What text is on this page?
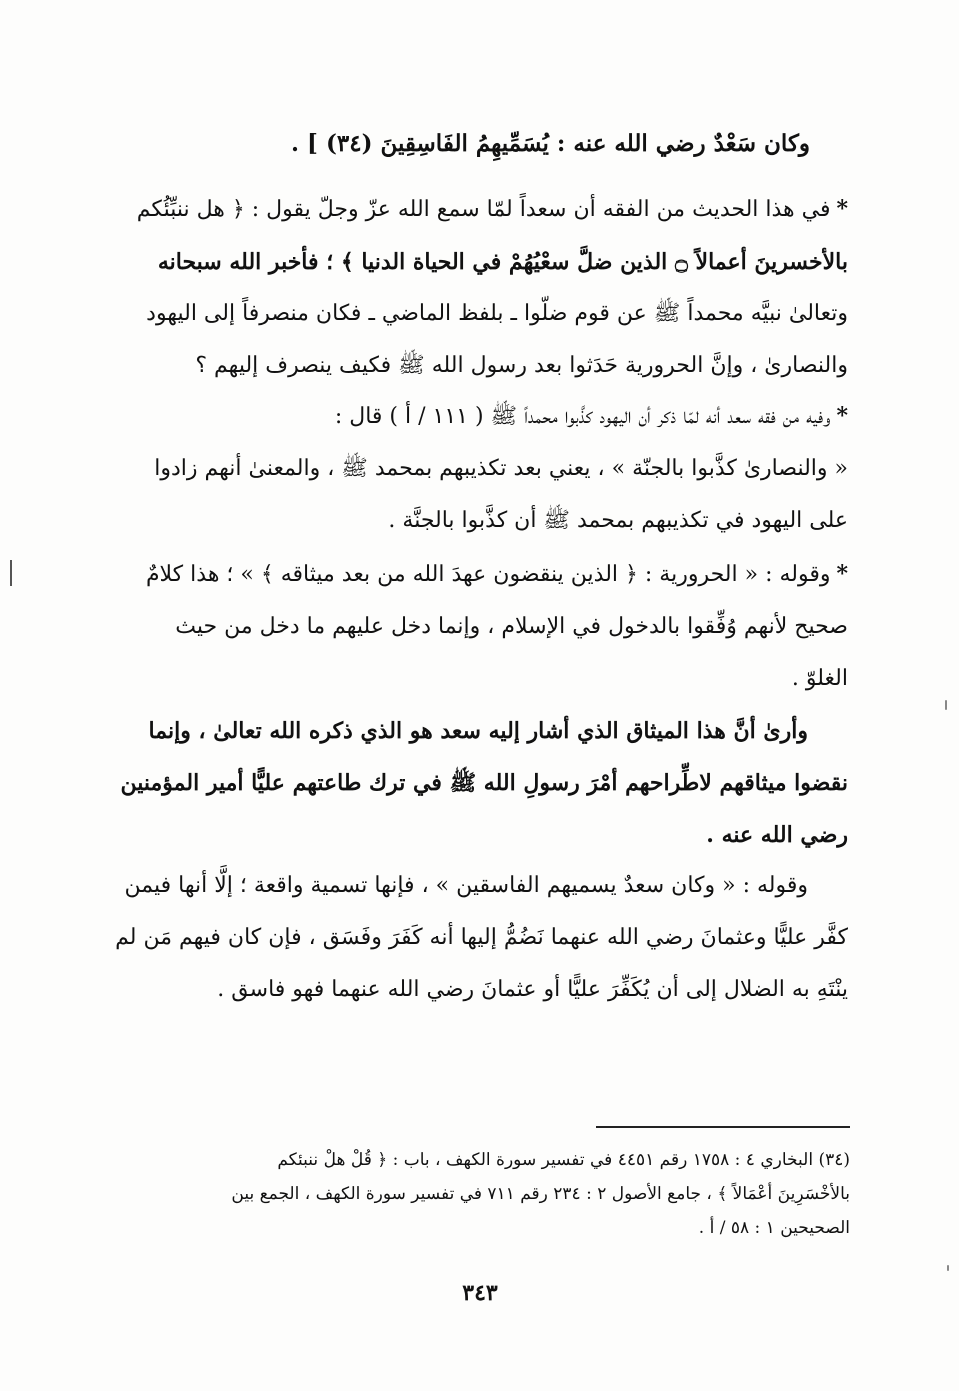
وكان سَعْدٌ رضي الله عنه : يُسَمِّيهِمُ الفَاسِقِينَ (٣٤) ] .
*في هذا الحديث من الفقه أن سعداً لمّا سمع الله عزّ وجلّ يقول : ﴿ هل ننبِّئُكم
بالأخسرينَ أعمالاً ۝ الذين ضلَّ سعْيُهُمْ في الحياة الدنيا ﴾ ؛ فأخبر الله سبحانه
وتعالىٰ نبيَّه محمداً ﷺ عن قوم ضلّوا ـ بلفظ الماضي ـ فكان منصرفاً إلى اليهود
والنصارىٰ ، وإنَّ الحرورية حَدَثوا بعد رسول الله ﷺ فكيف ينصرف إليهم ؟
*وفيه من فقه سعد أنه لمّا ذكر أن اليهود كذَّبوا محمداً ﷺ ( ١١١ / أ ) قال :
« والنصارىٰ كذَّبوا بالجنّة » ، يعني بعد تكذيبهم بمحمد ﷺ ، والمعنىٰ أنهم زادوا
على اليهود في تكذيبهم بمحمد ﷺ أن كذَّبوا بالجنَّة .
*وقوله : « الحرورية : ﴿ الذين ينقضون عهدَ الله من بعد ميثاقه ﴾ » ؛ هذا كلامٌ
صحيح لأنهم وُفِّقوا بالدخول في الإسلام ، وإنما دخل عليهم ما دخل من حيث
الغلوّ .
وأرىٰ أنَّ هذا الميثاق الذي أشار إليه سعد هو الذي ذكره الله تعالىٰ ، وإنما
نقضوا ميثاقهم لاطِّراحهم أمْرَ رسولِ الله ﷺ في ترك طاعتهم عليًّا أمير المؤمنين
رضي الله عنه .
وقوله : « وكان سعدٌ يسميهم الفاسقين » ، فإنها تسمية واقعة ؛ إلَّا أنها فيمن
كفَّر عليًّا وعثمانَ رضي الله عنهما نَضُمُّ إليها أنه كَفَرَ وفَسَق ، فإن كان فيهم مَن لم
ينْتَهِ به الضلال إلى أن يُكَفِّرَ عليًّا أو عثمانَ رضي الله عنهما فهو فاسق .
(٣٤) البخاري ٤ : ١٧٥٨ رقم ٤٤٥١ في تفسير سورة الكهف ، باب : ﴿ قُلْ هلْ ننبئكم
بالأخْسَرِينَ أعْمَالاً ﴾ ، جامع الأصول ٢ : ٢٣٤ رقم ٧١١ في تفسير سورة الكهف ، الجمع بين
الصحيحين ١ : ٥٨ / أ .
٣٤٣
